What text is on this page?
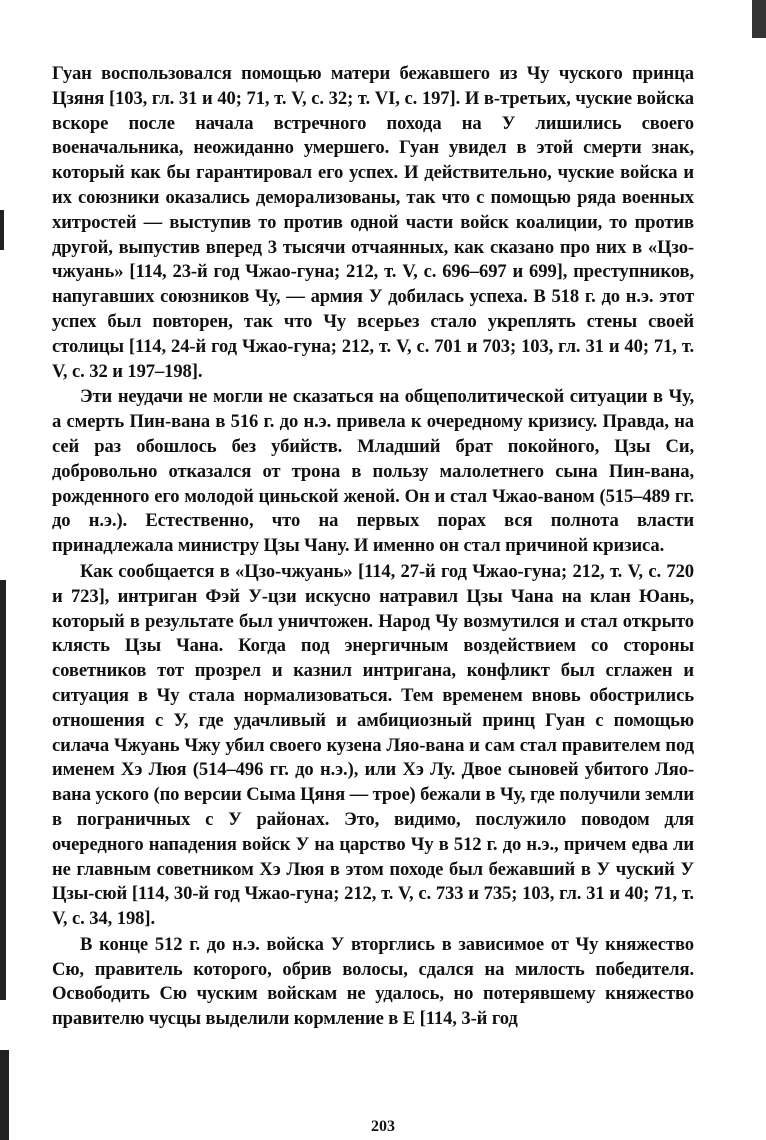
Гуан воспользовался помощью матери бежавшего из Чу чуского принца Цзяня [103, гл. 31 и 40; 71, т. V, с. 32; т. VI, с. 197]. И в-третьих, чуские войска вскоре после начала встречного похода на У лишились своего военачальника, неожиданно умершего. Гуан увидел в этой смерти знак, который как бы гарантировал его успех. И действительно, чуские войска и их союзники оказались деморализованы, так что с помощью ряда военных хитростей — выступив то против одной части войск коалиции, то против другой, выпустив вперед 3 тысячи отчаянных, как сказано про них в «Цзо-чжуань» [114, 23-й год Чжао-гуна; 212, т. V, с. 696–697 и 699], преступников, напугавших союзников Чу, — армия У добилась успеха. В 518 г. до н.э. этот успех был повторен, так что Чу всерьез стало укреплять стены своей столицы [114, 24-й год Чжао-гуна; 212, т. V, с. 701 и 703; 103, гл. 31 и 40; 71, т. V, с. 32 и 197–198].

Эти неудачи не могли не сказаться на общеполитической ситуации в Чу, а смерть Пин-вана в 516 г. до н.э. привела к очередному кризису. Правда, на сей раз обошлось без убийств. Младший брат покойного, Цзы Си, добровольно отказался от трона в пользу малолетнего сына Пин-вана, рожденного его молодой циньской женой. Он и стал Чжао-ваном (515–489 гг. до н.э.). Естественно, что на первых порах вся полнота власти принадлежала министру Цзы Чану. И именно он стал причиной кризиса.

Как сообщается в «Цзо-чжуань» [114, 27-й год Чжао-гуна; 212, т. V, с. 720 и 723], интриган Фэй У-цзи искусно натравил Цзы Чана на клан Юань, который в результате был уничтожен. Народ Чу возмутился и стал открыто клясть Цзы Чана. Когда под энергичным воздействием со стороны советников тот прозрел и казнил интригана, конфликт был сглажен и ситуация в Чу стала нормализоваться. Тем временем вновь обострились отношения с У, где удачливый и амбициозный принц Гуан с помощью силача Чжуань Чжу убил своего кузена Ляо-вана и сам стал правителем под именем Хэ Люя (514–496 гг. до н.э.), или Хэ Лу. Двое сыновей убитого Ляо-вана уского (по версии Сыма Цяня — трое) бежали в Чу, где получили земли в пограничных с У районах. Это, видимо, послужило поводом для очередного нападения войск У на царство Чу в 512 г. до н.э., причем едва ли не главным советником Хэ Люя в этом походе был бежавший в У чуский У Цзы-сюй [114, 30-й год Чжао-гуна; 212, т. V, с. 733 и 735; 103, гл. 31 и 40; 71, т. V, с. 34, 198].

В конце 512 г. до н.э. войска У вторглись в зависимое от Чу княжество Сю, правитель которого, обрив волосы, сдался на милость победителя. Освободить Сю чуским войскам не удалось, но потерявшему княжество правителю чусцы выделили кормление в Е [114, 3-й год

203
